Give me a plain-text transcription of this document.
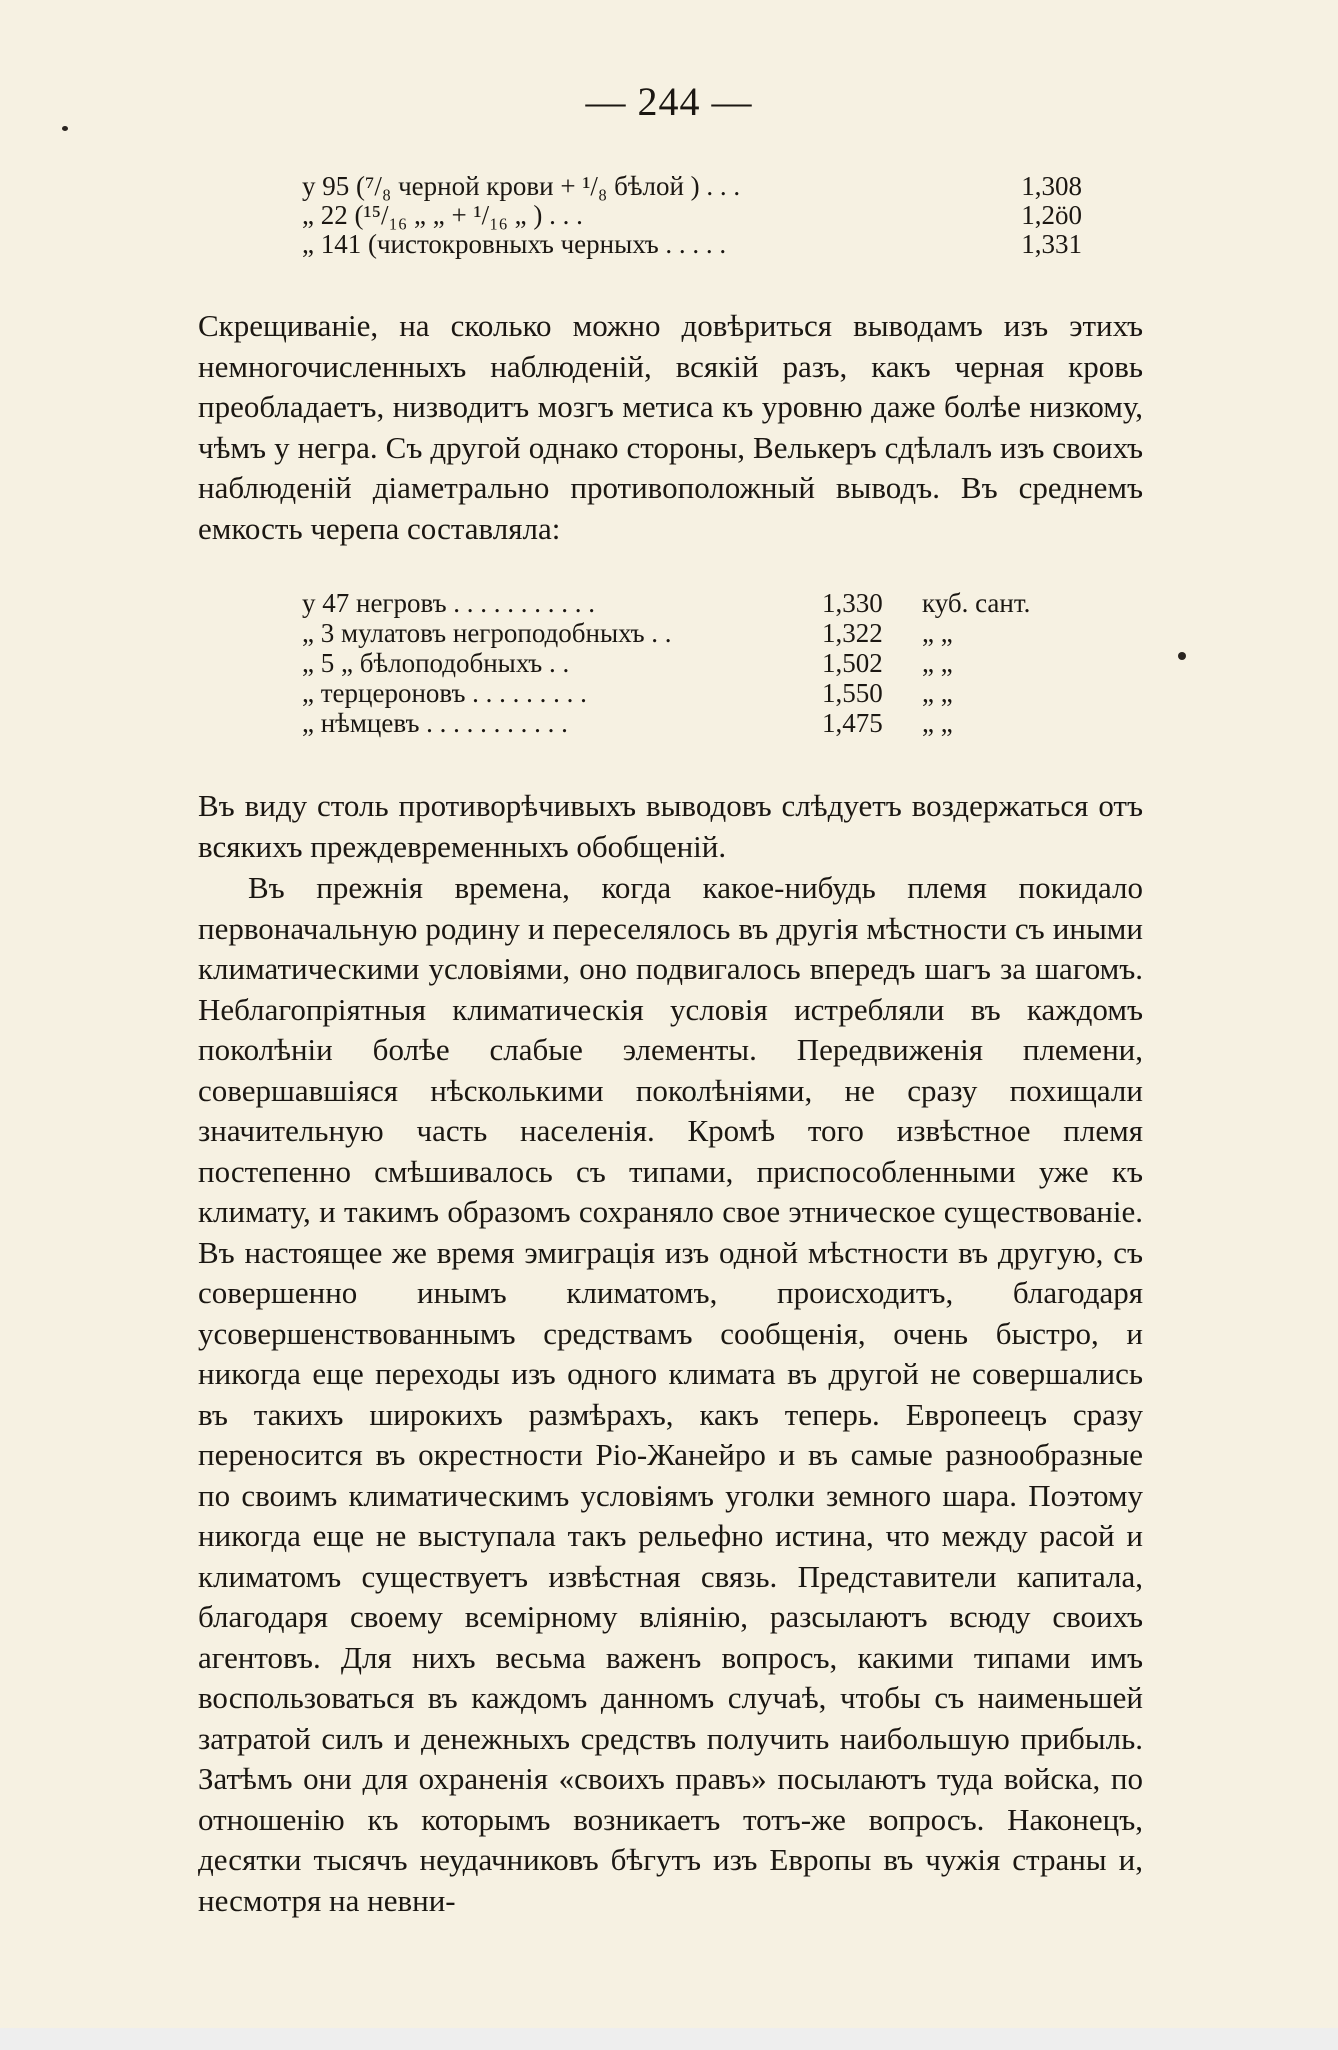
— 244 —
у 95 (⁷/₈ черной крови + ¹/₈ бѣлой ) . . .	1,308
„ 22 (¹⁵/₁₆ „ „ + ¹/₁₆ „ ) . . .	1,2ö0
„ 141 (чистокровныхъ черныхъ . . . . .	1,331

Скрещиваніе, на сколько можно довѣриться выводамъ изъ этихъ немногочисленныхъ наблюденій, всякій разъ, какъ черная кровь преобладаетъ, низводитъ мозгъ метиса къ уровню даже болѣе низкому, чѣмъ у негра. Съ другой однако стороны, Велькеръ сдѣлалъ изъ своихъ наблюденій діаметрально противоположный выводъ. Въ среднемъ емкость черепа составляла:

у 47 негровъ . . . . . . . . . . .	1,330	куб. сант.
„ 3 мулатовъ негроподобныхъ . .	1,322	„ „
„ 5 „ бѣлоподобныхъ . .	1,502	„ „
„ терцероновъ . . . . . . . . .	1,550	„ „
„ нѣмцевъ . . . . . . . . . . .	1,475	„ „

Въ виду столь противорѣчивыхъ выводовъ слѣдуетъ воздержаться отъ всякихъ преждевременныхъ обобщеній.

Въ прежнія времена, когда какое-нибудь племя покидало первоначальную родину и переселялось въ другія мѣстности съ иными климатическими условіями, оно подвигалось впередъ шагъ за шагомъ. Неблагопріятныя климатическія условія истребляли въ каждомъ поколѣніи болѣе слабые элементы. Передвиженія племени, совершавшіяся нѣсколькими поколѣніями, не сразу похищали значительную часть населенія. Кромѣ того извѣстное племя постепенно смѣшивалось съ типами, приспособленными уже къ климату, и такимъ образомъ сохраняло свое этническое существованіе. Въ настоящее же время эмиграція изъ одной мѣстности въ другую, съ совершенно инымъ климатомъ, происходитъ, благодаря усовершенствованнымъ средствамъ сообщенія, очень быстро, и никогда еще переходы изъ одного климата въ другой не совершались въ такихъ широкихъ размѣрахъ, какъ теперь. Европеецъ сразу переносится въ окрестности Ріо-Жанейро и въ самые разнообразные по своимъ климатическимъ условіямъ уголки земного шара. Поэтому никогда еще не выступала такъ рельефно истина, что между расой и климатомъ существуетъ извѣстная связь. Представители капитала, благодаря своему всемірному вліянію, разсылаютъ всюду своихъ агентовъ. Для нихъ весьма важенъ вопросъ, какими типами имъ воспользоваться въ каждомъ данномъ случаѣ, чтобы съ наименьшей затратой силъ и денежныхъ средствъ получить наибольшую прибыль. Затѣмъ они для охраненія «своихъ правъ» посылаютъ туда войска, по отношенію къ которымъ возникаетъ тотъ-же вопросъ. Наконецъ, десятки тысячъ неудачниковъ бѣгутъ изъ Европы въ чужія страны и, несмотря на невни-
